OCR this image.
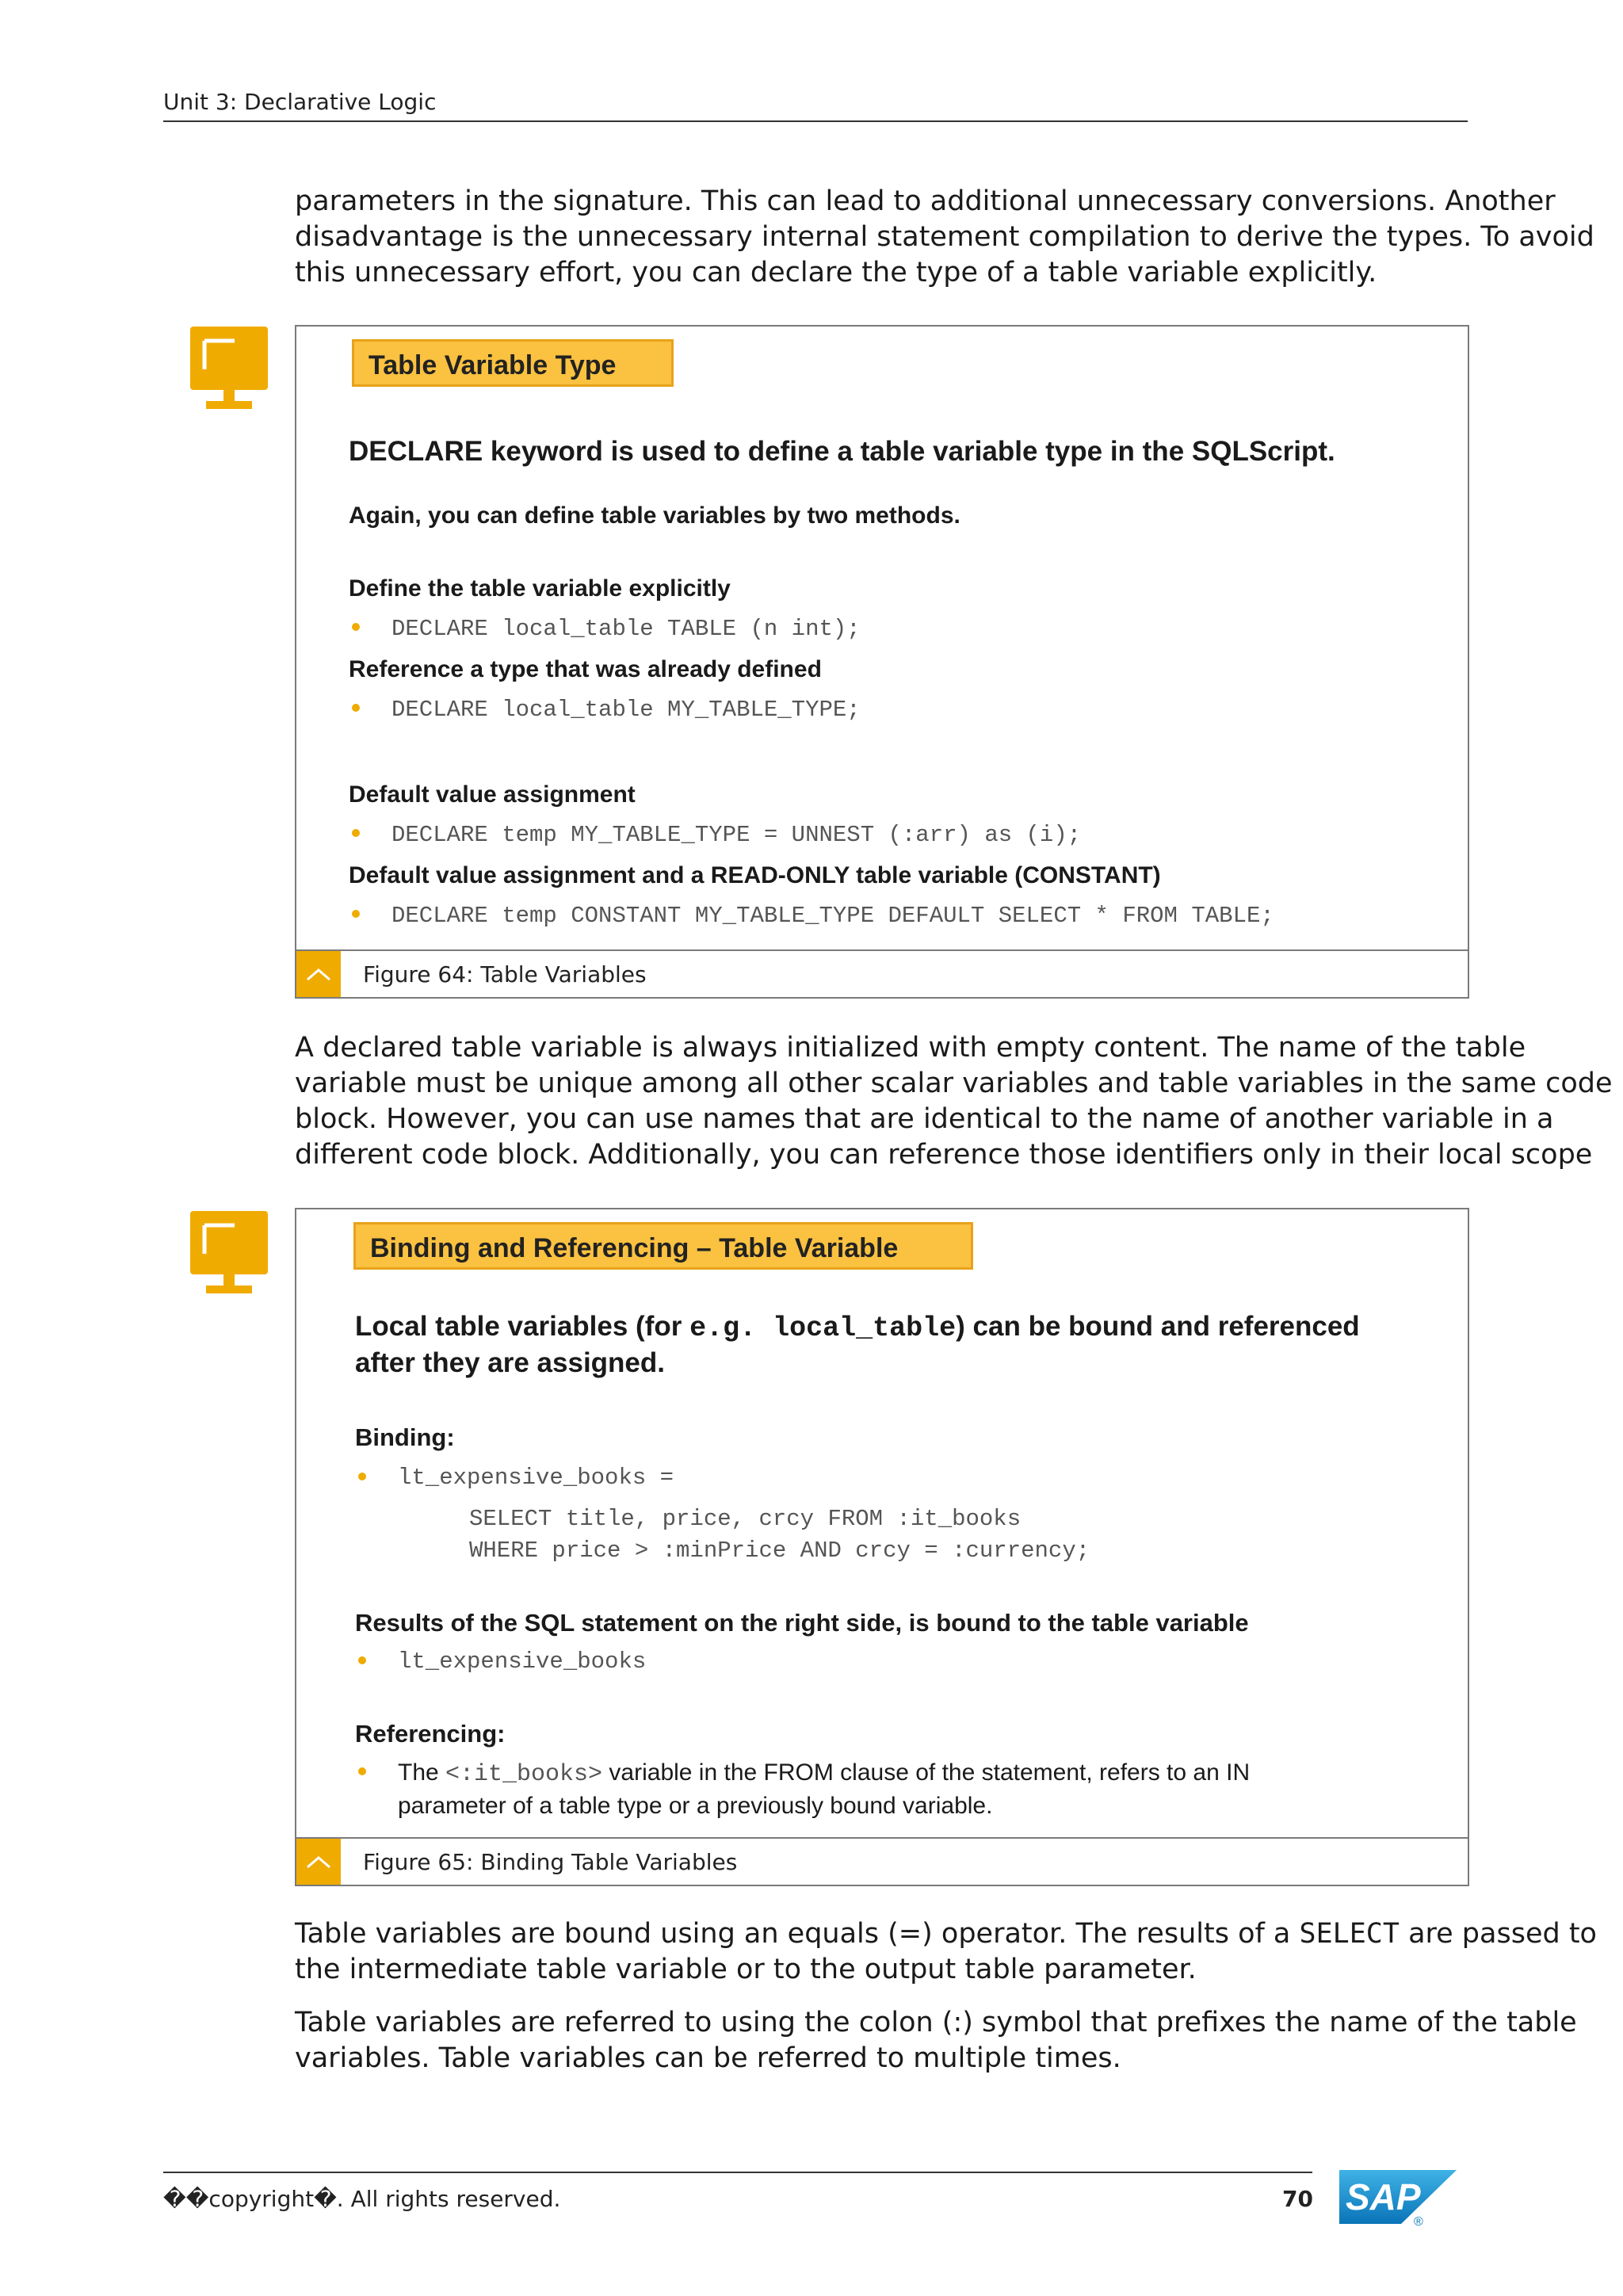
Unit 3: Declarative Logic
parameters in the signature. This can lead to additional unnecessary conversions. Another
disadvantage is the unnecessary internal statement compilation to derive the types. To avoid
this unnecessary effort, you can declare the type of a table variable explicitly.
Table Variable Type
DECLARE keyword is used to define a table variable type in the SQLScript.
Again, you can define table variables by two methods.
Define the table variable explicitly
DECLARE local_table TABLE (n int);
Reference a type that was already defined
DECLARE local_table MY_TABLE_TYPE;
Default value assignment
DECLARE temp MY_TABLE_TYPE = UNNEST (:arr) as (i);
Default value assignment and a READ-ONLY table variable (CONSTANT)
DECLARE temp CONSTANT MY_TABLE_TYPE DEFAULT SELECT * FROM TABLE;
Figure 64: Table Variables
A declared table variable is always initialized with empty content. The name of the table
variable must be unique among all other scalar variables and table variables in the same code
block. However, you can use names that are identical to the name of another variable in a
different code block. Additionally, you can reference those identifiers only in their local scope
Binding and Referencing – Table Variable
Local table variables (for e.g. local_table) can be bound and referenced
after they are assigned.
Binding:
lt_expensive_books =
SELECT title, price, crcy FROM :it_books
WHERE price > :minPrice AND crcy = :currency;
Results of the SQL statement on the right side, is bound to the table variable
lt_expensive_books
Referencing:
The <:it_books> variable in the FROM clause of the statement, refers to an IN
parameter of a table type or a previously bound variable.
Figure 65: Binding Table Variables
Table variables are bound using an equals (=) operator. The results of a SELECT are passed to
the intermediate table variable or to the output table parameter.
Table variables are referred to using the colon (:) symbol that prefixes the name of the table
variables. Table variables can be referred to multiple times.
��copyright�. All rights reserved.	70 SAP
®
